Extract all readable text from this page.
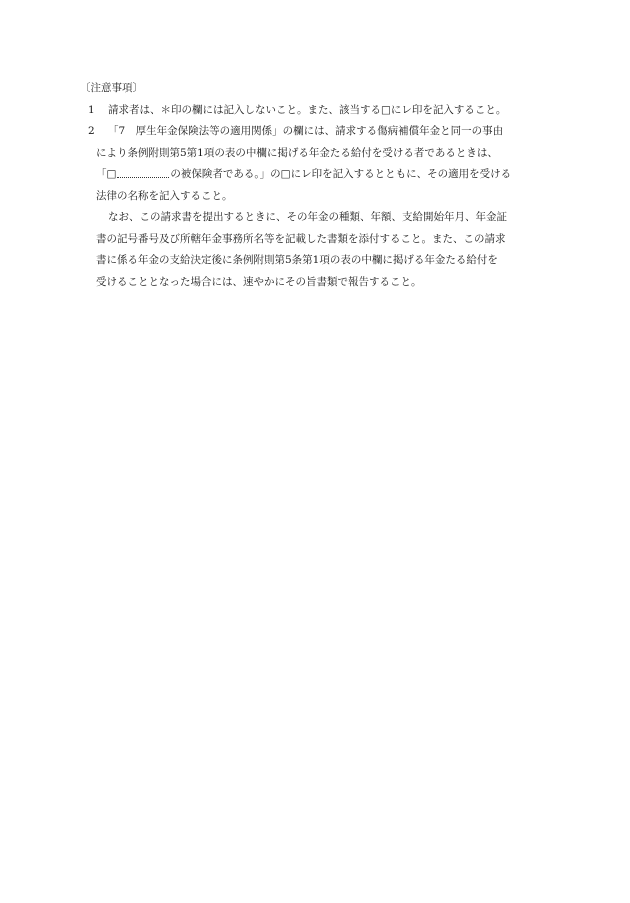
〔注意事項〕
1	請求者は、＊印の欄には記入しないこと。また、該当する□にレ印を記入すること。
2	「7　厚生年金保険法等の適用関係」の欄には、請求する傷病補償年金と同一の事由
により条例附則第5第1項の表の中欄に掲げる年金たる給付を受ける者であるときは、
「□	の被保険者である。」の□にレ印を記入するとともに、その適用を受ける
法律の名称を記入すること。
なお、この請求書を提出するときに、その年金の種類、年額、支給開始年月、年金証
書の記号番号及び所轄年金事務所名等を記載した書類を添付すること。また、この請求
書に係る年金の支給決定後に条例附則第5条第1項の表の中欄に掲げる年金たる給付を
受けることとなった場合には、速やかにその旨書類で報告すること。
